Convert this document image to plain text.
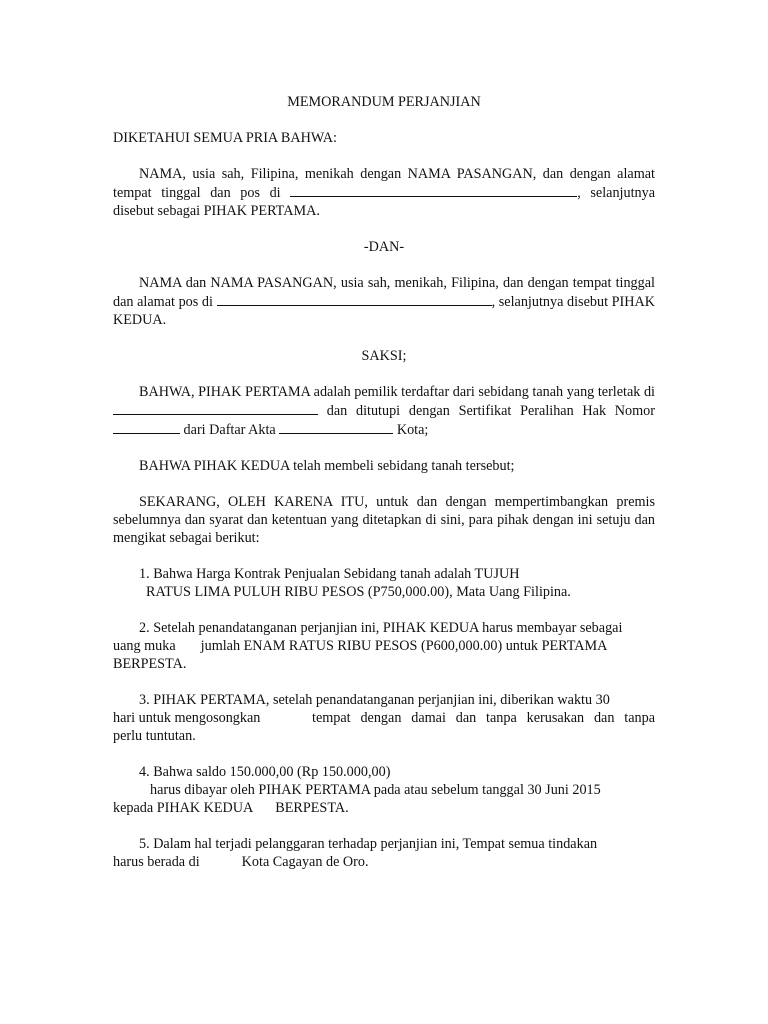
MEMORANDUM PERJANJIAN

DIKETAHUI SEMUA PRIA BAHWA:

NAMA, usia sah, Filipina, menikah dengan NAMA PASANGAN, dan dengan alamat tempat tinggal dan pos di	, selanjutnya disebut sebagai PIHAK PERTAMA.

-DAN-

NAMA dan NAMA PASANGAN, usia sah, menikah, Filipina, dan dengan tempat tinggal dan alamat pos di	, selanjutnya disebut PIHAK KEDUA.

SAKSI;

BAHWA, PIHAK PERTAMA adalah pemilik terdaftar dari sebidang tanah yang terletak di  dan ditutupi dengan Sertifikat Peralihan Hak Nomor  dari Daftar Akta	Kota;

BAHWA PIHAK KEDUA telah membeli sebidang tanah tersebut;

SEKARANG, OLEH KARENA ITU, untuk dan dengan mempertimbangkan premis sebelumnya dan syarat dan ketentuan yang ditetapkan di sini, para pihak dengan ini setuju dan mengikat sebagai berikut:

1. Bahwa Harga Kontrak Penjualan Sebidang tanah adalah TUJUH

RATUS LIMA PULUH RIBU PESOS (P750,000.00), Mata Uang Filipina.

2. Setelah penandatanganan perjanjian ini, PIHAK KEDUA harus membayar sebagai

uang muka jumlah ENAM RATUS RIBU PESOS (P600,000.00) untuk PERTAMA

BERPESTA.

3. PIHAK PERTAMA, setelah penandatanganan perjanjian ini, diberikan waktu 30

hari untuk mengosongkan	tempat dengan damai dan tanpa kerusakan dan tanpa

perlu tuntutan.

4. Bahwa saldo 150.000,00 (Rp 150.000,00)

harus dibayar oleh PIHAK PERTAMA pada atau sebelum tanggal 30 Juni 2015

kepada PIHAK KEDUA BERPESTA.

5. Dalam hal terjadi pelanggaran terhadap perjanjian ini, Tempat semua tindakan

harus berada di	Kota Cagayan de Oro.
